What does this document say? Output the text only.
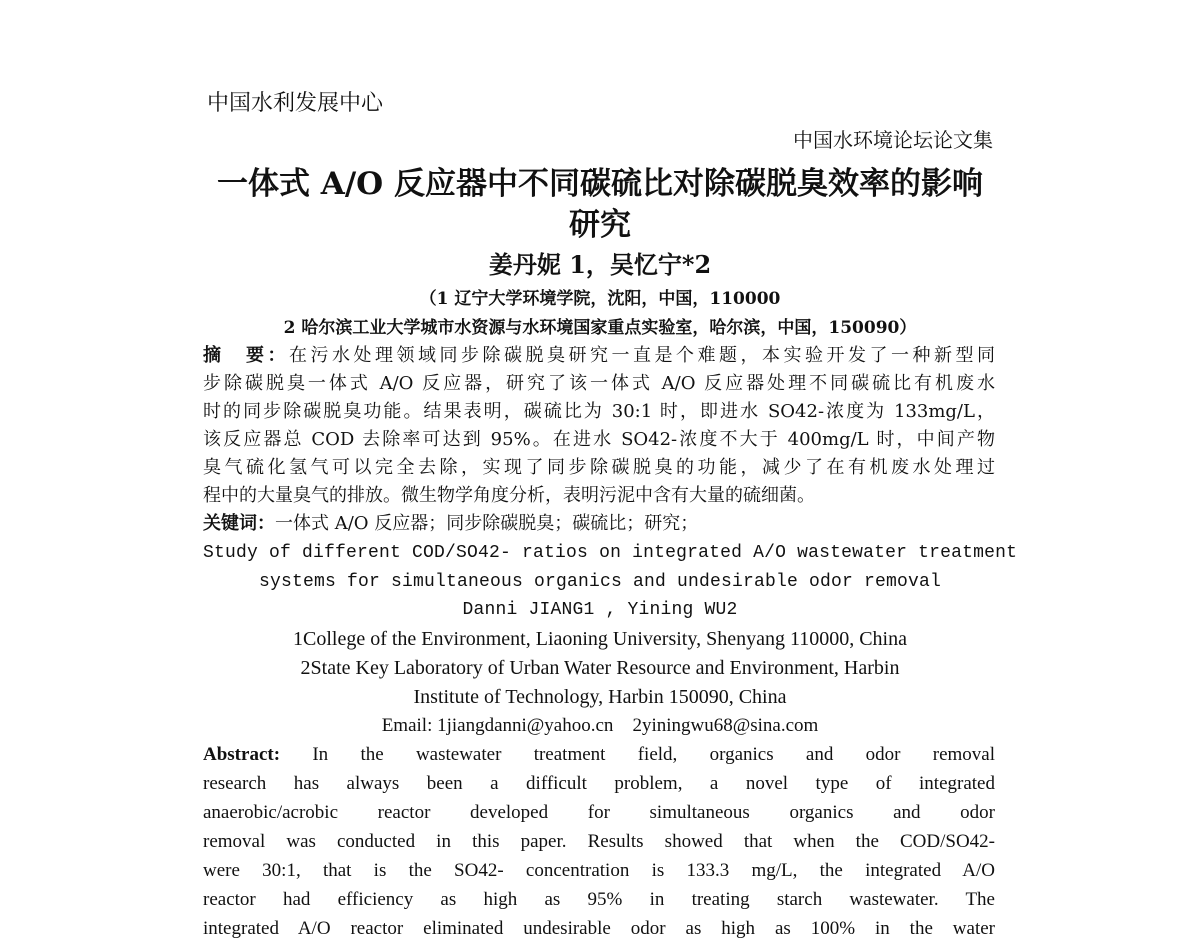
中国水利发展中心
中国水环境论坛论文集
一体式 A/O 反应器中不同碳硫比对除碳脱臭效率的影响
研究
姜丹妮 1，吴忆宁*2
（1 辽宁大学环境学院，沈阳，中国，110000
2 哈尔滨工业大学城市水资源与水环境国家重点实验室，哈尔滨，中国，150090）
摘　要：在污水处理领域同步除碳脱臭研究一直是个难题，本实验开发了一种新型同
步除碳脱臭一体式 A/O 反应器，研究了该一体式 A/O 反应器处理不同碳硫比有机废水
时的同步除碳脱臭功能。结果表明，碳硫比为 30:1 时，即进水 SO42-浓度为 133mg/L，
该反应器总 COD 去除率可达到 95%。在进水 SO42-浓度不大于 400mg/L 时，中间产物
臭气硫化氢气可以完全去除，实现了同步除碳脱臭的功能，减少了在有机废水处理过
程中的大量臭气的排放。微生物学角度分析，表明污泥中含有大量的硫细菌。
关键词：一体式 A/O 反应器；同步除碳脱臭；碳硫比；研究；
Study of different COD/SO42- ratios on integrated A/O wastewater treatment
systems for simultaneous organics and undesirable odor removal
Danni JIANG1 , Yining WU2
1College of the Environment, Liaoning University, Shenyang 110000, China
2State Key Laboratory of Urban Water Resource and Environment, Harbin
Institute of Technology, Harbin 150090, China
Email: 1jiangdanni@yahoo.cn 2yiningwu68@sina.com
Abstract: In the wastewater treatment field, organics and odor removal
research has always been a difficult problem, a novel type of integrated
anaerobic/acrobic reactor developed for simultaneous organics and odor
removal was conducted in this paper. Results showed that when the COD/SO42-
were 30:1, that is the SO42- concentration is 133.3 mg/L, the integrated A/O
reactor had efficiency as high as 95% in treating starch wastewater. The
integrated A/O reactor eliminated undesirable odor as high as 100% in the water
